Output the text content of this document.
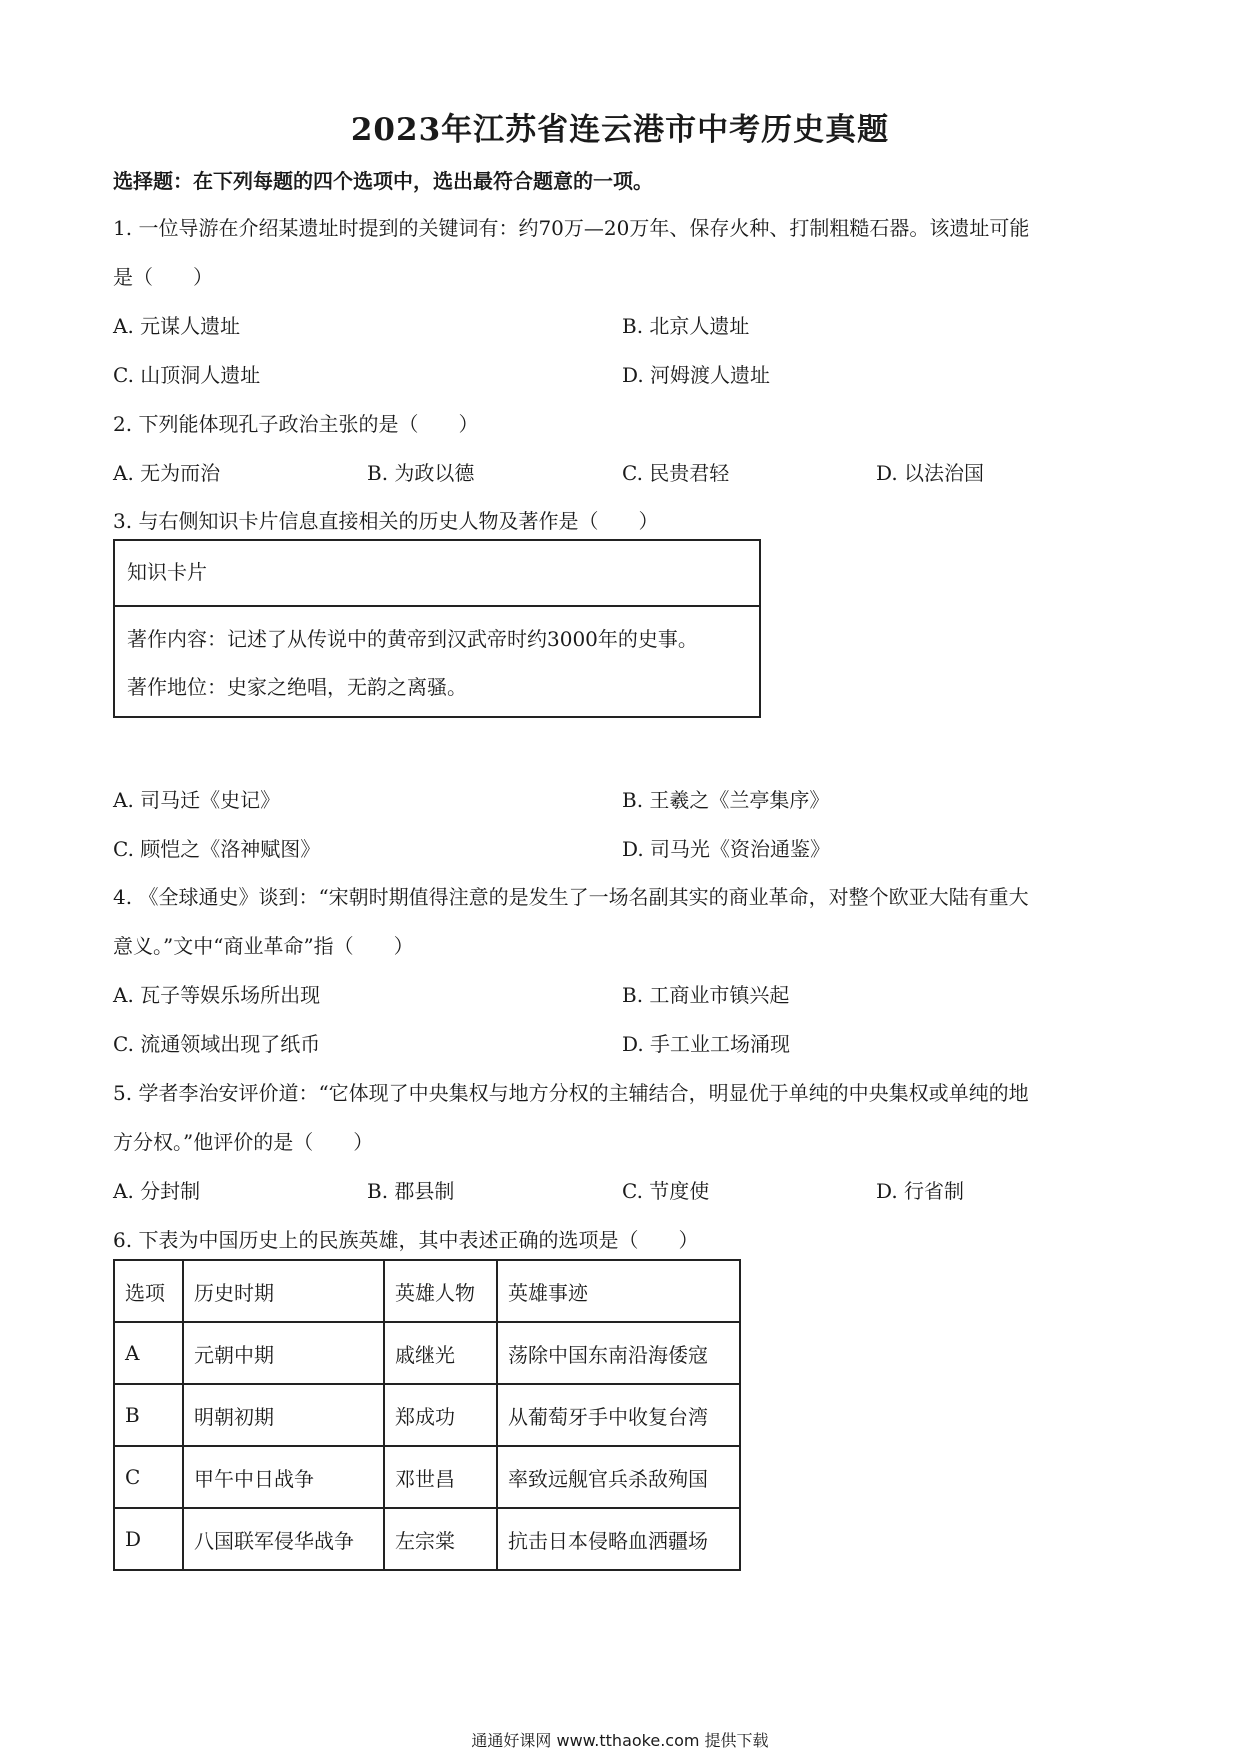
2023年江苏省连云港市中考历史真题
选择题：在下列每题的四个选项中，选出最符合题意的一项。
1. 一位导游在介绍某遗址时提到的关键词有：约70万—20万年、保存火种、打制粗糙石器。该遗址可能
是（　　）
A. 元谋人遗址	B. 北京人遗址
C. 山顶洞人遗址	D. 河姆渡人遗址
2. 下列能体现孔子政治主张的是（　　）
A. 无为而治	B. 为政以德	C. 民贵君轻	D. 以法治国
3. 与右侧知识卡片信息直接相关的历史人物及著作是（　　）
知识卡片
著作内容：记述了从传说中的黄帝到汉武帝时约3000年的史事。
著作地位：史家之绝唱，无韵之离骚。
A. 司马迁《史记》	B. 王羲之《兰亭集序》
C. 顾恺之《洛神赋图》	D. 司马光《资治通鉴》
4. 《全球通史》谈到：“宋朝时期值得注意的是发生了一场名副其实的商业革命，对整个欧亚大陆有重大
意义。”文中“商业革命”指（　　）
A. 瓦子等娱乐场所出现	B. 工商业市镇兴起
C. 流通领域出现了纸币	D. 手工业工场涌现
5. 学者李治安评价道：“它体现了中央集权与地方分权的主辅结合，明显优于单纯的中央集权或单纯的地
方分权。”他评价的是（　　）
A. 分封制	B. 郡县制	C. 节度使	D. 行省制
6. 下表为中国历史上的民族英雄，其中表述正确的选项是（　　）
选项	历史时期	英雄人物	英雄事迹
A	元朝中期	戚继光	荡除中国东南沿海倭寇
B	明朝初期	郑成功	从葡萄牙手中收复台湾
C	甲午中日战争	邓世昌	率致远舰官兵杀敌殉国
D	八国联军侵华战争	左宗棠	抗击日本侵略血洒疆场
通通好课网 www.tthaoke.com 提供下载
